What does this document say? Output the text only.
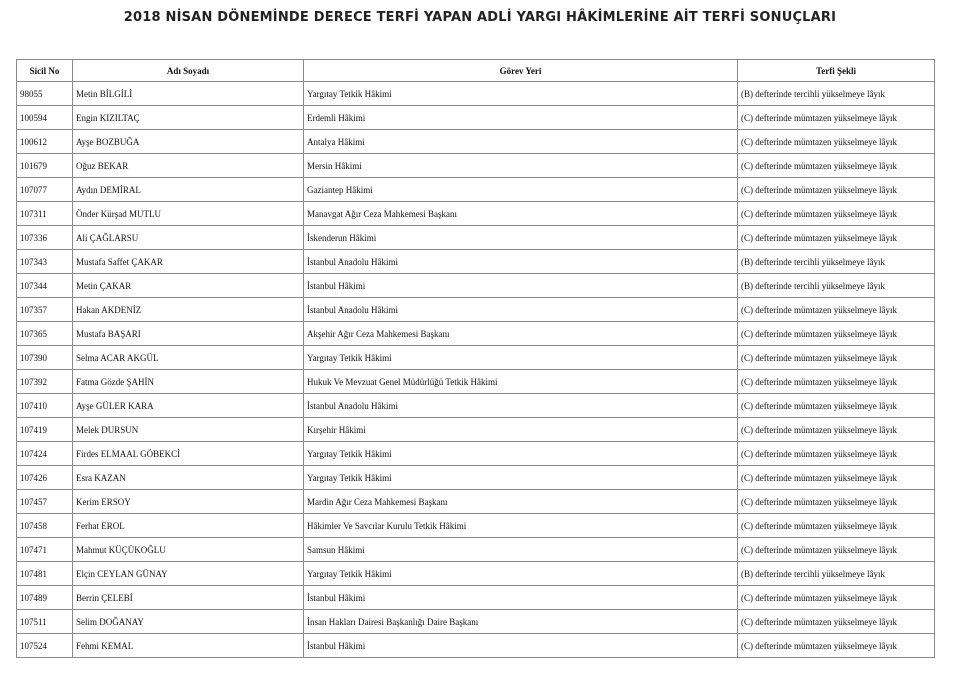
2018 NİSAN DÖNEMİNDE DERECE TERFİ YAPAN ADLİ YARGI HÂKİMLERİNE AİT TERFİ SONUÇLARI
Sicil No	Adı Soyadı	Görev Yeri	Terfi Şekli
98055	Metin BİLGİLİ	Yargıtay Tetkik Hâkimi	(B) defterinde tercihli yükselmeye lâyık
100594	Engin KIZILTAÇ	Erdemli Hâkimi	(C) defterinde mümtazen yükselmeye lâyık
100612	Ayşe BOZBUĞA	Antalya Hâkimi	(C) defterinde mümtazen yükselmeye lâyık
101679	Oğuz BEKAR	Mersin Hâkimi	(C) defterinde mümtazen yükselmeye lâyık
107077	Aydın DEMİRAL	Gaziantep Hâkimi	(C) defterinde mümtazen yükselmeye lâyık
107311	Önder Kürşad MUTLU	Manavgat Ağır Ceza Mahkemesi Başkanı	(C) defterinde mümtazen yükselmeye lâyık
107336	Ali ÇAĞLARSU	İskenderun Hâkimi	(C) defterinde mümtazen yükselmeye lâyık
107343	Mustafa Saffet ÇAKAR	İstanbul Anadolu Hâkimi	(B) defterinde tercihli yükselmeye lâyık
107344	Metin ÇAKAR	İstanbul Hâkimi	(B) defterinde tercihli yükselmeye lâyık
107357	Hakan AKDENİZ	İstanbul Anadolu Hâkimi	(C) defterinde mümtazen yükselmeye lâyık
107365	Mustafa BAŞARI	Akşehir Ağır Ceza Mahkemesi Başkanı	(C) defterinde mümtazen yükselmeye lâyık
107390	Selma ACAR AKGÜL	Yargıtay Tetkik Hâkimi	(C) defterinde mümtazen yükselmeye lâyık
107392	Fatma Gözde ŞAHİN	Hukuk Ve Mevzuat Genel Müdürlüğü Tetkik Hâkimi	(C) defterinde mümtazen yükselmeye lâyık
107410	Ayşe GÜLER KARA	İstanbul Anadolu Hâkimi	(C) defterinde mümtazen yükselmeye lâyık
107419	Melek DURSUN	Kırşehir Hâkimi	(C) defterinde mümtazen yükselmeye lâyık
107424	Firdes ELMAAL GÖBEKCİ	Yargıtay Tetkik Hâkimi	(C) defterinde mümtazen yükselmeye lâyık
107426	Esra KAZAN	Yargıtay Tetkik Hâkimi	(C) defterinde mümtazen yükselmeye lâyık
107457	Kerim ERSOY	Mardin Ağır Ceza Mahkemesi Başkanı	(C) defterinde mümtazen yükselmeye lâyık
107458	Ferhat EROL	Hâkimler Ve Savcılar Kurulu Tetkik Hâkimi	(C) defterinde mümtazen yükselmeye lâyık
107471	Mahmut KÜÇÜKOĞLU	Samsun Hâkimi	(C) defterinde mümtazen yükselmeye lâyık
107481	Elçin CEYLAN GÜNAY	Yargıtay Tetkik Hâkimi	(B) defterinde tercihli yükselmeye lâyık
107489	Berrin ÇELEBİ	İstanbul Hâkimi	(C) defterinde mümtazen yükselmeye lâyık
107511	Selim DOĞANAY	İnsan Hakları Dairesi Başkanlığı Daire Başkanı	(C) defterinde mümtazen yükselmeye lâyık
107524	Fehmi KEMAL	İstanbul Hâkimi	(C) defterinde mümtazen yükselmeye lâyık
